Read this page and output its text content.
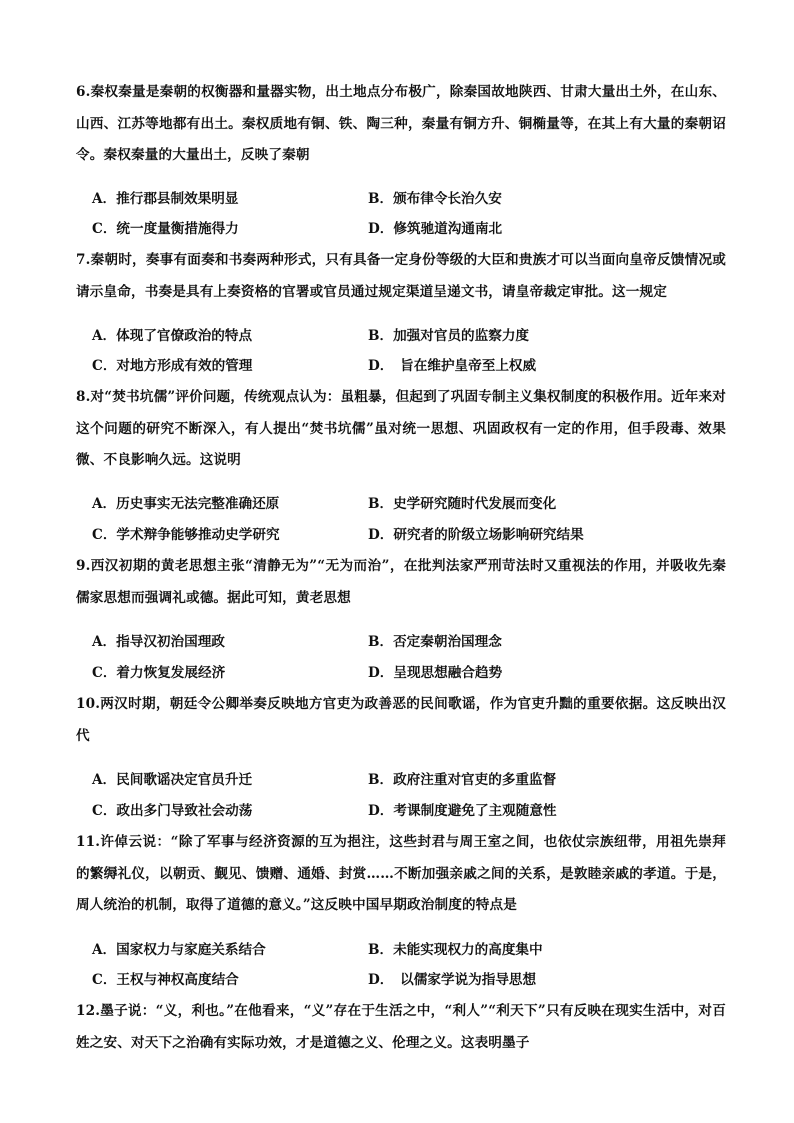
6.秦权秦量是秦朝的权衡器和量器实物，出土地点分布极广，除秦国故地陕西、甘肃大量出土外，在山东、山西、江苏等地都有出土。秦权质地有铜、铁、陶三种，秦量有铜方升、铜椭量等，在其上有大量的秦朝诏令。秦权秦量的大量出土，反映了秦朝

A．推行郡县制效果明显	B．颁布律令长治久安
C．统一度量衡措施得力	D．修筑驰道沟通南北

7.秦朝时，奏事有面奏和书奏两种形式，只有具备一定身份等级的大臣和贵族才可以当面向皇帝反馈情况或请示皇命，书奏是具有上奏资格的官署或官员通过规定渠道呈递文书，请皇帝裁定审批。这一规定

A．体现了官僚政治的特点	B．加强对官员的监察力度
C．对地方形成有效的管理	D．　旨在维护皇帝至上权威

8.对“焚书坑儒”评价问题，传统观点认为：虽粗暴，但起到了巩固专制主义集权制度的积极作用。近年来对这个问题的研究不断深入，有人提出“焚书坑儒”虽对统一思想、巩固政权有一定的作用，但手段毒、效果微、不良影响久远。这说明

A．历史事实无法完整准确还原	B．史学研究随时代发展而变化
C．学术辩争能够推动史学研究	D．研究者的阶级立场影响研究结果

9.西汉初期的黄老思想主张“清静无为”“无为而治”，在批判法家严刑苛法时又重视法的作用，并吸收先秦儒家思想而强调礼或德。据此可知，黄老思想

A．指导汉初治国理政	B．否定秦朝治国理念
C．着力恢复发展经济	D．呈现思想融合趋势

10.两汉时期，朝廷令公卿举奏反映地方官吏为政善恶的民间歌谣，作为官吏升黜的重要依据。这反映出汉代

A．民间歌谣决定官员升迁	B．政府注重对官吏的多重监督
C．政出多门导致社会动荡	D．考课制度避免了主观随意性

11.许倬云说：“除了军事与经济资源的互为挹注，这些封君与周王室之间，也依仗宗族纽带，用祖先崇拜的繁缛礼仪，以朝贡、觐见、馈赠、通婚、封赏……不断加强亲戚之间的关系，是敦睦亲戚的孝道。于是，周人统治的机制，取得了道德的意义。”这反映中国早期政治制度的特点是

A．国家权力与家庭关系结合	B．未能实现权力的高度集中
C．王权与神权高度结合	D．　以儒家学说为指导思想

12.墨子说：“义，利也。”在他看来，“义”存在于生活之中，“利人”“利天下”只有反映在现实生活中，对百姓之安、对天下之治确有实际功效，才是道德之义、伦理之义。这表明墨子
